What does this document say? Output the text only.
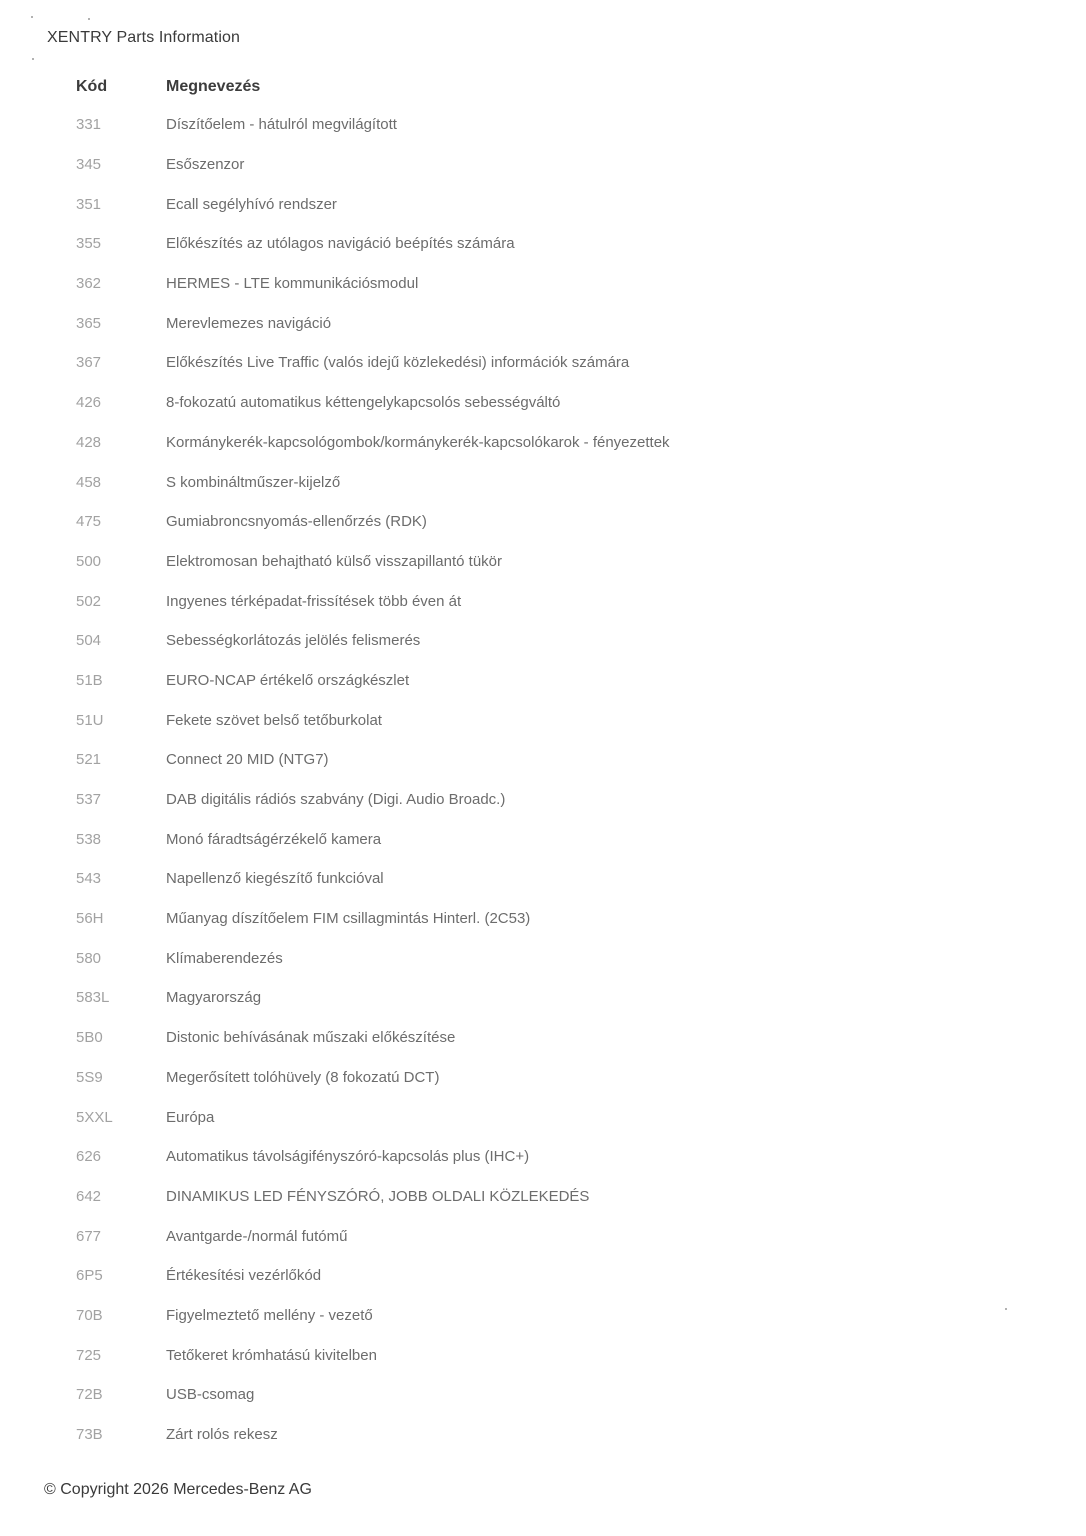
XENTRY Parts Information
Kód	Megnevezés
331	Díszítőelem - hátulról megvilágított
345	Esőszenzor
351	Ecall segélyhívó rendszer
355	Előkészítés az utólagos navigáció beépítés számára
362	HERMES - LTE kommunikációsmodul
365	Merevlemezes navigáció
367	Előkészítés Live Traffic (valós idejű közlekedési) információk számára
426	8-fokozatú automatikus kéttengelykapcsolós sebességváltó
428	Kormánykerék-kapcsológombok/kormánykerék-kapcsolókarok - fényezettek
458	S kombináltműszer-kijelző
475	Gumiabroncsnyomás-ellenőrzés (RDK)
500	Elektromosan behajtható külső visszapillantó tükör
502	Ingyenes térképadat-frissítések több éven át
504	Sebességkorlátozás jelölés felismerés
51B	EURO-NCAP értékelő országkészlet
51U	Fekete szövet belső tetőburkolat
521	Connect 20 MID (NTG7)
537	DAB digitális rádiós szabvány (Digi. Audio Broadc.)
538	Monó fáradtságérzékelő kamera
543	Napellenző kiegészítő funkcióval
56H	Műanyag díszítőelem FIM csillagmintás Hinterl. (2C53)
580	Klímaberendezés
583L	Magyarország
5B0	Distonic behívásának műszaki előkészítése
5S9	Megerősített tolóhüvely (8 fokozatú DCT)
5XXL	Európa
626	Automatikus távolságifényszóró-kapcsolás plus (IHC+)
642	DINAMIKUS LED FÉNYSZÓRÓ, JOBB OLDALI KÖZLEKEDÉS
677	Avantgarde-/normál futómű
6P5	Értékesítési vezérlőkód
70B	Figyelmeztető mellény - vezető
725	Tetőkeret krómhatású kivitelben
72B	USB-csomag
73B	Zárt rolós rekesz
© Copyright 2026 Mercedes-Benz AG
